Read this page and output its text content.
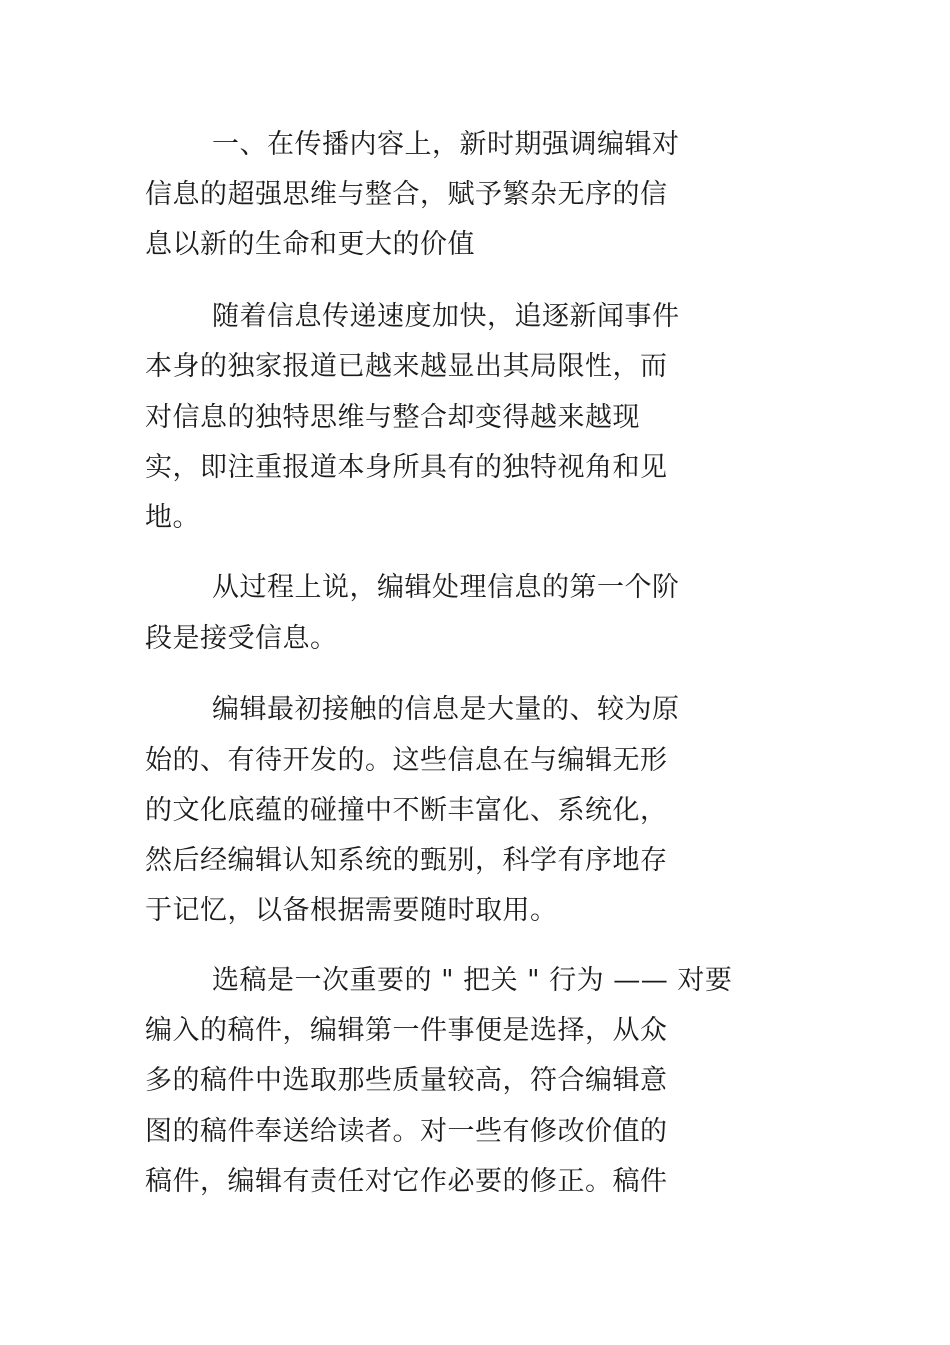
一、在传播内容上，新时期强调编辑对
信息的超强思维与整合，赋予繁杂无序的信
息以新的生命和更大的价值
随着信息传递速度加快，追逐新闻事件
本身的独家报道已越来越显出其局限性，而
对信息的独特思维与整合却变得越来越现
实，即注重报道本身所具有的独特视角和见
地。
从过程上说，编辑处理信息的第一个阶
段是接受信息。
编辑最初接触的信息是大量的、较为原
始的、有待开发的。这些信息在与编辑无形
的文化底蕴的碰撞中不断丰富化、系统化，
然后经编辑认知系统的甄别，科学有序地存
于记忆，以备根据需要随时取用。
选稿是一次重要的 " 把关 " 行为 —— 对要
编入的稿件，编辑第一件事便是选择，从众
多的稿件中选取那些质量较高，符合编辑意
图的稿件奉送给读者。对一些有修改价值的
稿件，编辑有责任对它作必要的修正。稿件
